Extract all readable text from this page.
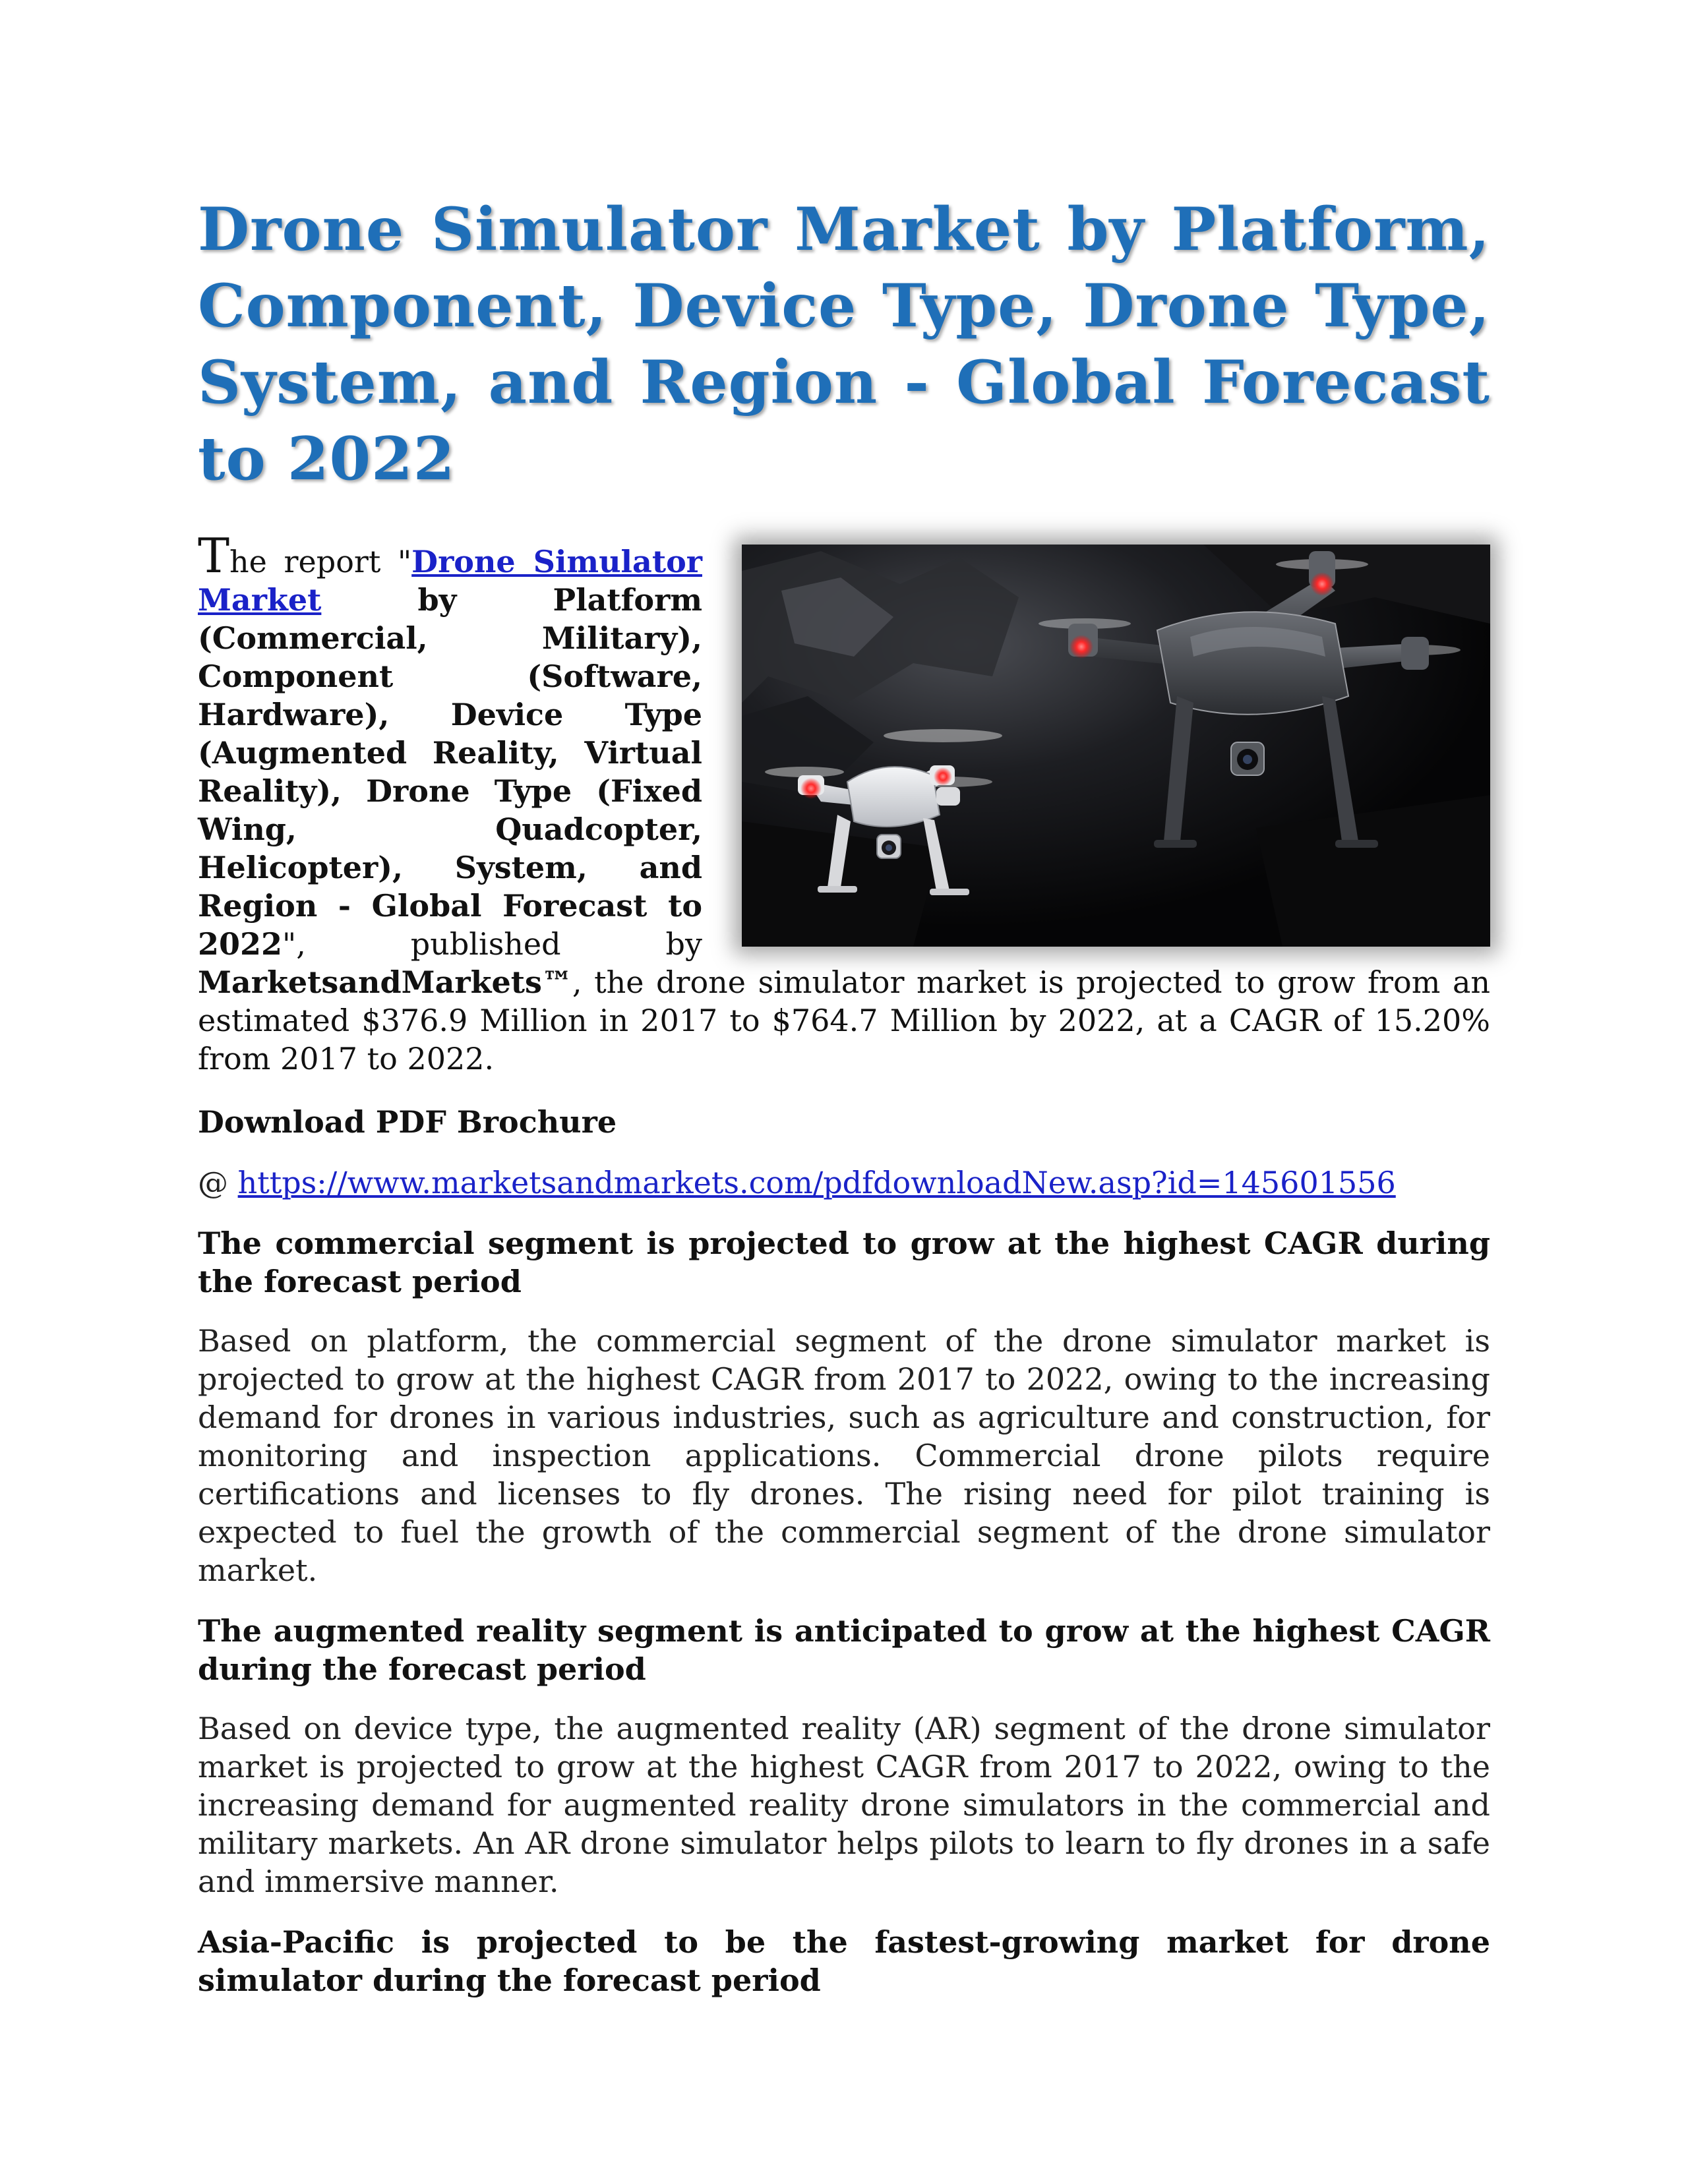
Drone Simulator Market by Platform, Component, Device Type, Drone Type, System, and Region - Global Forecast to 2022
The report "Drone Simulator Market by Platform (Commercial, Military), Component (Software, Hardware), Device Type (Augmented Reality, Virtual Reality), Drone Type (Fixed Wing, Quadcopter, Helicopter), System, and Region - Global Forecast to 2022", published by MarketsandMarkets™, the drone simulator market is projected to grow from an estimated $376.9 Million in 2017 to $764.7 Million by 2022, at a CAGR of 15.20% from 2017 to 2022.

Download PDF Brochure

@ https://www.marketsandmarkets.com/pdfdownloadNew.asp?id=145601556

The commercial segment is projected to grow at the highest CAGR during the forecast period

Based on platform, the commercial segment of the drone simulator market is projected to grow at the highest CAGR from 2017 to 2022, owing to the increasing demand for drones in various industries, such as agriculture and construction, for monitoring and inspection applications. Commercial drone pilots require certifications and licenses to fly drones. The rising need for pilot training is expected to fuel the growth of the commercial segment of the drone simulator market.

The augmented reality segment is anticipated to grow at the highest CAGR during the forecast period

Based on device type, the augmented reality (AR) segment of the drone simulator market is projected to grow at the highest CAGR from 2017 to 2022, owing to the increasing demand for augmented reality drone simulators in the commercial and military markets. An AR drone simulator helps pilots to learn to fly drones in a safe and immersive manner.

Asia-Pacific is projected to be the fastest-growing market for drone simulator during the forecast period
